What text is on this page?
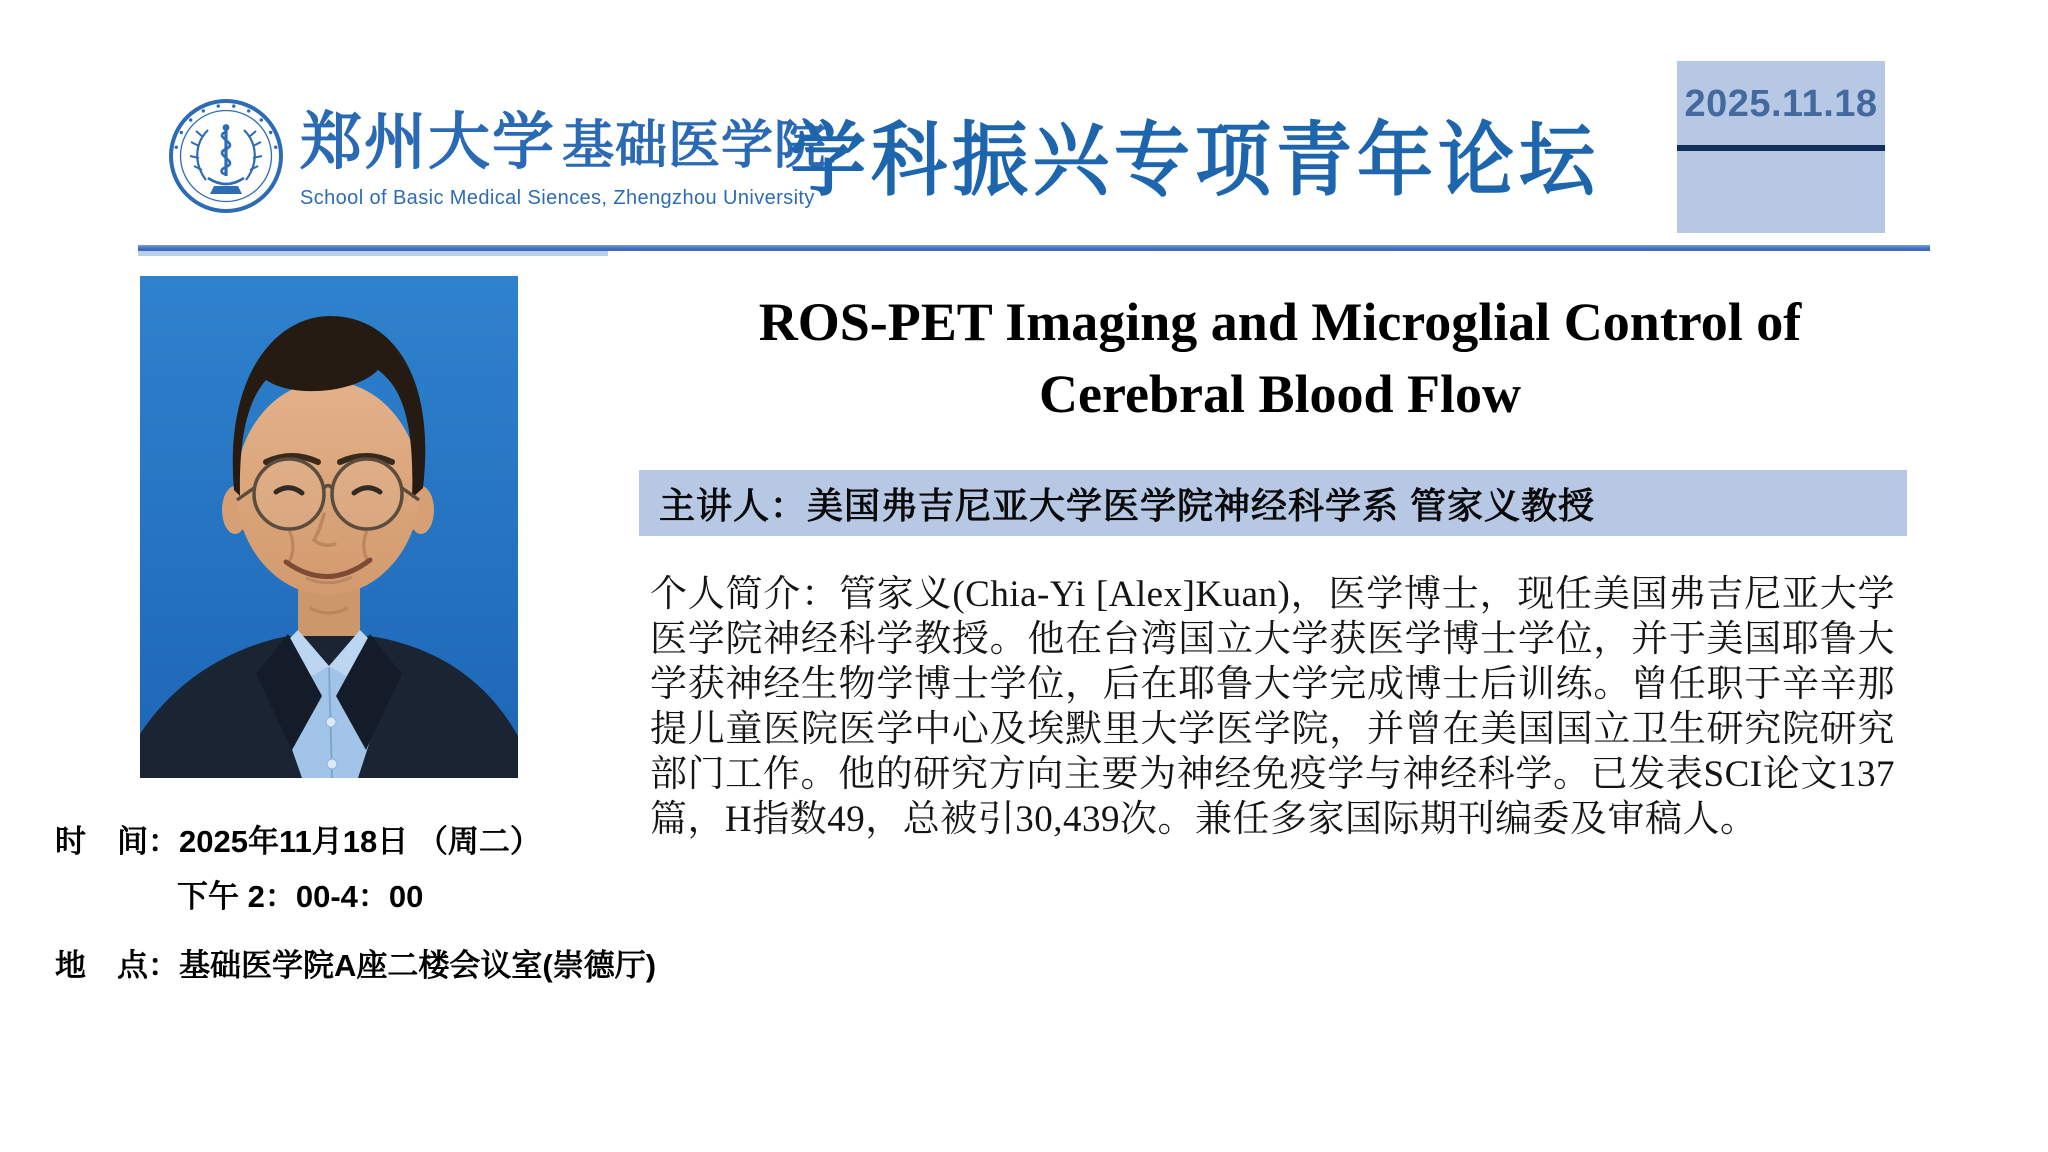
郑州大学 基础医学院
School of Basic Medical Siences, Zhengzhou University
学科振兴专项青年论坛
2025.11.18
ROS-PET Imaging and Microglial Control of
Cerebral Blood Flow
主讲人：美国弗吉尼亚大学医学院神经科学系 管家义教授
个人简介：管家义(Chia-Yi [Alex]Kuan)，医学博士，现任美国弗吉尼亚大学医学院神经科学教授。他在台湾国立大学获医学博士学位，并于美国耶鲁大学获神经生物学博士学位，后在耶鲁大学完成博士后训练。曾任职于辛辛那提儿童医院医学中心及埃默里大学医学院，并曾在美国国立卫生研究院研究部门工作。他的研究方向主要为神经免疫学与神经科学。已发表SCI论文137篇，H指数49，总被引30,439次。兼任多家国际期刊编委及审稿人。
时　间：2025年11月18日 （周二）
下午 2：00-4：00
地　点：基础医学院A座二楼会议室(崇德厅)
